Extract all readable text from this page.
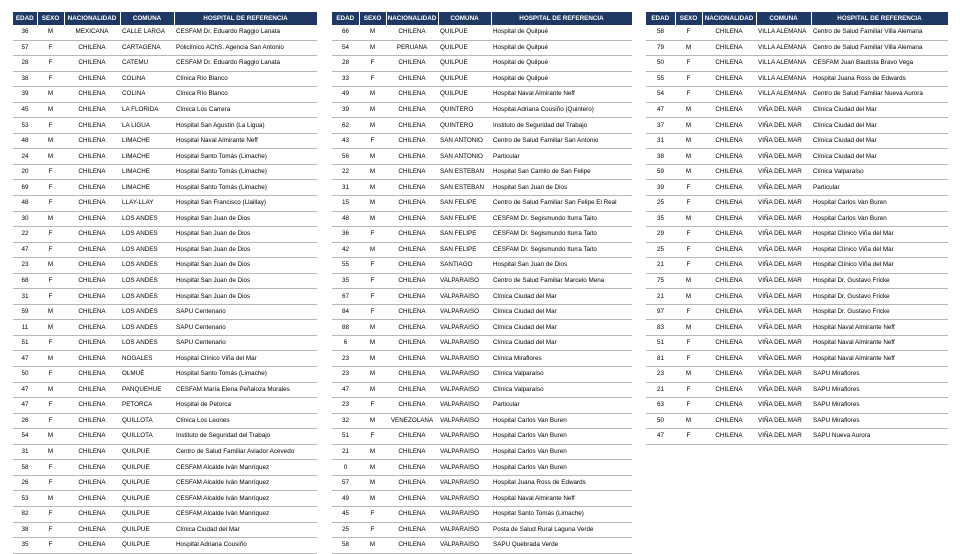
EDAD	SEXO	NACIONALIDAD	COMUNA	HOSPITAL DE REFERENCIA
36	M	MEXICANA	CALLE LARGA	CESFAM Dr. Eduardo Raggio Lanata
57	F	CHILENA	CARTAGENA	Policlínico AChS. Agencia San Antonio
28	F	CHILENA	CATEMU	CESFAM Dr. Eduardo Raggio Lanata
38	F	CHILENA	COLINA	Clínica Río Blanco
39	M	CHILENA	COLINA	Clínica Río Blanco
45	M	CHILENA	LA FLORIDA	Clínica Los Carrera
53	F	CHILENA	LA LIGUA	Hospital San Agustín (La Ligua)
48	M	CHILENA	LIMACHE	Hospital Naval Almirante Neff
24	M	CHILENA	LIMACHE	Hospital Santo Tomás (Limache)
20	F	CHILENA	LIMACHE	Hospital Santo Tomás (Limache)
69	F	CHILENA	LIMACHE	Hospital Santo Tomás (Limache)
48	F	CHILENA	LLAY-LLAY	Hospital San Francisco (Llaillay)
30	M	CHILENA	LOS ANDES	Hospital San Juan de Dios
22	F	CHILENA	LOS ANDES	Hospital San Juan de Dios
47	F	CHILENA	LOS ANDES	Hospital San Juan de Dios
23	M	CHILENA	LOS ANDES	Hospital San Juan de Dios
68	F	CHILENA	LOS ANDES	Hospital San Juan de Dios
31	F	CHILENA	LOS ANDES	Hospital San Juan de Dios
59	M	CHILENA	LOS ANDES	SAPU Centenario
11	M	CHILENA	LOS ANDES	SAPU Centenario
51	F	CHILENA	LOS ANDES	SAPU Centenario
47	M	CHILENA	NOGALES	Hospital Clínico Viña del Mar
50	F	CHILENA	OLMUÉ	Hospital Santo Tomás (Limache)
47	M	CHILENA	PANQUEHUE	CESFAM María Elena Peñaloza Morales
47	F	CHILENA	PETORCA	Hospital de Petorca
26	F	CHILENA	QUILLOTA	Clínica Los Leones
54	M	CHILENA	QUILLOTA	Instituto de Seguridad del Trabajo
31	M	CHILENA	QUILPUE	Centro de Salud Familiar Aviador Acevedo
58	F	CHILENA	QUILPUE	CESFAM Alcalde Iván Manríquez
26	F	CHILENA	QUILPUE	CESFAM Alcalde Iván Manríquez
53	M	CHILENA	QUILPUE	CESFAM Alcalde Iván Manríquez
82	F	CHILENA	QUILPUE	CESFAM Alcalde Iván Manríquez
38	F	CHILENA	QUILPUE	Clínica Ciudad del Mar
35	F	CHILENA	QUILPUE	Hospital Adriana Cousiño
EDAD	SEXO	NACIONALIDAD	COMUNA	HOSPITAL DE REFERENCIA
66	M	CHILENA	QUILPUE	Hospital de Quilpué
54	M	PERUANA	QUILPUE	Hospital de Quilpué
28	F	CHILENA	QUILPUE	Hospital de Quilpué
33	F	CHILENA	QUILPUE	Hospital de Quilpué
49	M	CHILENA	QUILPUE	Hospital Naval Almirante Neff
39	M	CHILENA	QUINTERO	Hospital Adriana Cousiño (Quintero)
62	M	CHILENA	QUINTERO	Instituto de Seguridad del Trabajo
43	F	CHILENA	SAN ANTONIO	Centro de Salud Familiar San Antonio
56	M	CHILENA	SAN ANTONIO	Particular
22	M	CHILENA	SAN ESTEBAN	Hospital San Camilo de San Felipe
31	M	CHILENA	SAN ESTEBAN	Hospital San Juan de Dios
15	M	CHILENA	SAN FELIPE	Centro de Salud Familiar San Felipe El Real
48	M	CHILENA	SAN FELIPE	CESFAM Dr. Segismundo Iturra Taito
36	F	CHILENA	SAN FELIPE	CESFAM Dr. Segismundo Iturra Taito
42	M	CHILENA	SAN FELIPE	CESFAM Dr. Segismundo Iturra Taito
55	F	CHILENA	SANTIAGO	Hospital San Juan de Dios
35	F	CHILENA	VALPARAISO	Centro de Salud Familiar Marcelo Mena
67	F	CHILENA	VALPARAISO	Clínica Ciudad del Mar
84	F	CHILENA	VALPARAISO	Clínica Ciudad del Mar
88	M	CHILENA	VALPARAISO	Clínica Ciudad del Mar
6	M	CHILENA	VALPARAISO	Clínica Ciudad del Mar
23	M	CHILENA	VALPARAISO	Clínica Miraflores
23	M	CHILENA	VALPARAISO	Clínica Valparaíso
47	M	CHILENA	VALPARAISO	Clínica Valparaíso
23	F	CHILENA	VALPARAISO	Particular
32	M	VENEZOLANA	VALPARAISO	Hospital Carlos Van Buren
51	F	CHILENA	VALPARAISO	Hospital Carlos Van Buren
21	M	CHILENA	VALPARAISO	Hospital Carlos Van Buren
0	M	CHILENA	VALPARAISO	Hospital Carlos Van Buren
57	M	CHILENA	VALPARAISO	Hospital Juana Ross de Edwards
49	M	CHILENA	VALPARAISO	Hospital Naval Almirante Neff
45	F	CHILENA	VALPARAISO	Hospital Santo Tomás (Limache)
25	F	CHILENA	VALPARAISO	Posta de Salud Rural Laguna Verde
58	M	CHILENA	VALPARAISO	SAPU Quebrada Verde
EDAD	SEXO	NACIONALIDAD	COMUNA	HOSPITAL DE REFERENCIA
58	F	CHILENA	VILLA ALEMANA	Centro de Salud Familiar Villa Alemana
79	M	CHILENA	VILLA ALEMANA	Centro de Salud Familiar Villa Alemana
50	F	CHILENA	VILLA ALEMANA	CESFAM Juan Bautista Bravo Vega
55	F	CHILENA	VILLA ALEMANA	Hospital Juana Ross de Edwards
54	F	CHILENA	VILLA ALEMANA	Centro de Salud Familiar Nueva Aurora
47	M	CHILENA	VIÑA DEL MAR	Clínica Ciudad del Mar
37	M	CHILENA	VIÑA DEL MAR	Clínica Ciudad del Mar
31	M	CHILENA	VIÑA DEL MAR	Clínica Ciudad del Mar
38	M	CHILENA	VIÑA DEL MAR	Clínica Ciudad del Mar
59	M	CHILENA	VIÑA DEL MAR	Clínica Valparaíso
39	F	CHILENA	VIÑA DEL MAR	Particular
25	F	CHILENA	VIÑA DEL MAR	Hospital Carlos Van Buren
35	M	CHILENA	VIÑA DEL MAR	Hospital Carlos Van Buren
29	F	CHILENA	VIÑA DEL MAR	Hospital Clínico Viña del Mar
25	F	CHILENA	VIÑA DEL MAR	Hospital Clínico Viña del Mar
21	F	CHILENA	VIÑA DEL MAR	Hospital Clínico Viña del Mar
75	M	CHILENA	VIÑA DEL MAR	Hospital Dr. Gustavo Fricke
21	M	CHILENA	VIÑA DEL MAR	Hospital Dr. Gustavo Fricke
97	F	CHILENA	VIÑA DEL MAR	Hospital Dr. Gustavo Fricke
83	M	CHILENA	VIÑA DEL MAR	Hospital Naval Almirante Neff
51	F	CHILENA	VIÑA DEL MAR	Hospital Naval Almirante Neff
81	F	CHILENA	VIÑA DEL MAR	Hospital Naval Almirante Neff
23	M	CHILENA	VIÑA DEL MAR	SAPU Miraflores
21	F	CHILENA	VIÑA DEL MAR	SAPU Miraflores
63	F	CHILENA	VIÑA DEL MAR	SAPU Miraflores
50	M	CHILENA	VIÑA DEL MAR	SAPU Miraflores
47	F	CHILENA	VIÑA DEL MAR	SAPU Nueva Aurora
